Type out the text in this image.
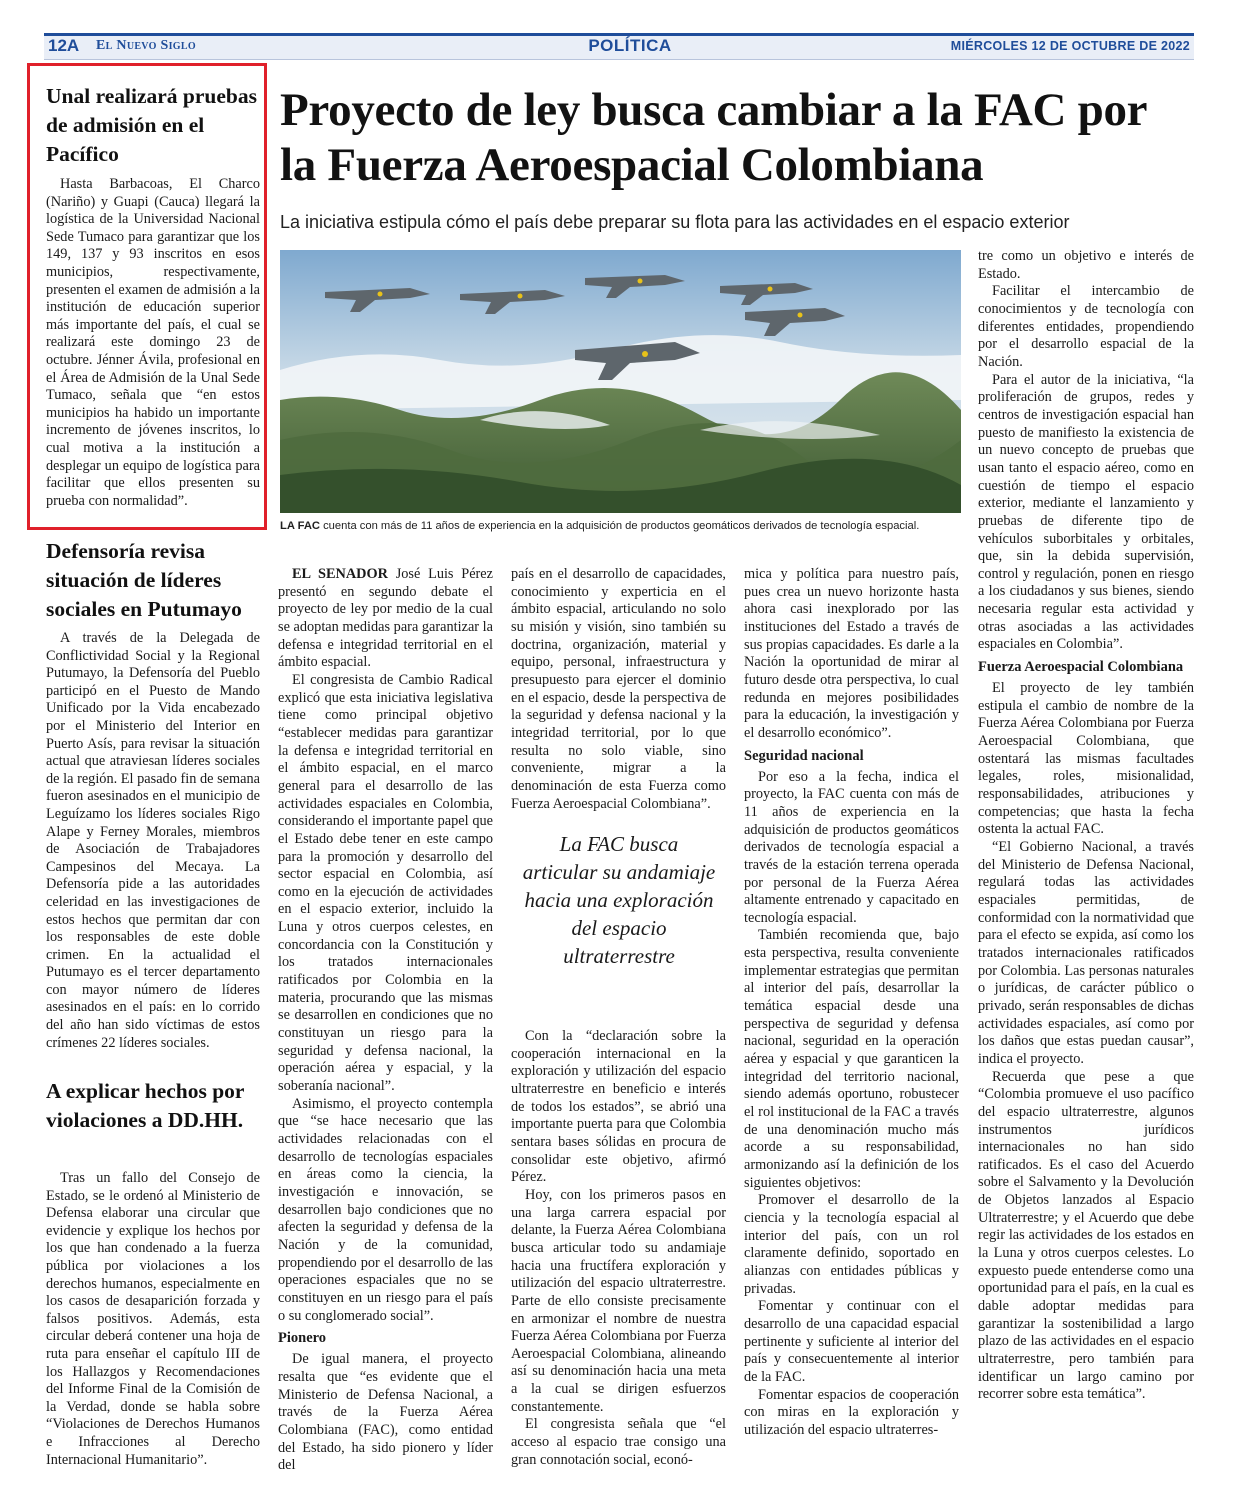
12A El Nuevo Siglo	POLÍTICA	MIÉRCOLES 12 DE OCTUBRE DE 2022
Unal realizará pruebas de admisión en el Pacífico

Hasta Barbacoas, El Charco (Nariño) y Guapi (Cauca) llegará la logística de la Universidad Nacional Sede Tumaco para garantizar que los 149, 137 y 93 inscritos en esos municipios, respectivamente, presenten el examen de admisión a la institución de educación superior más importante del país, el cual se realizará este domingo 23 de octubre. Jénner Ávila, profesional en el Área de Admisión de la Unal Sede Tumaco, señala que “en estos municipios ha habido un importante incremento de jóvenes inscritos, lo cual motiva a la institución a desplegar un equipo de logística para facilitar que ellos presenten su prueba con normalidad”.

Defensoría revisa situación de líderes sociales en Putumayo

A través de la Delegada de Conflictividad Social y la Regional Putumayo, la Defensoría del Pueblo participó en el Puesto de Mando Unificado por la Vida encabezado por el Ministerio del Interior en Puerto Asís, para revisar la situación actual que atraviesan líderes sociales de la región. El pasado fin de semana fueron asesinados en el municipio de Leguízamo los líderes sociales Rigo Alape y Ferney Morales, miembros de Asociación de Trabajadores Campesinos del Mecaya. La Defensoría pide a las autoridades celeridad en las investigaciones de estos hechos que permitan dar con los responsables de este doble crimen. En la actualidad el Putumayo es el tercer departamento con mayor número de líderes asesinados en el país: en lo corrido del año han sido víctimas de estos crímenes 22 líderes sociales.

A explicar hechos por violaciones a DD.HH.

Tras un fallo del Consejo de Estado, se le ordenó al Ministerio de Defensa elaborar una circular que evidencie y explique los hechos por los que han condenado a la fuerza pública por violaciones a los derechos humanos, especialmente en los casos de desaparición forzada y falsos positivos. Además, esta circular deberá contener una hoja de ruta para enseñar el capítulo III de los Hallazgos y Recomendaciones del Informe Final de la Comisión de la Verdad, donde se habla sobre “Violaciones de Derechos Humanos e Infracciones al Derecho Internacional Humanitario”.

Proyecto de ley busca cambiar a la FAC por la Fuerza Aeroespacial Colombiana
La iniciativa estipula cómo el país debe preparar su flota para las actividades en el espacio exterior
LA FAC cuenta con más de 11 años de experiencia en la adquisición de productos geomáticos derivados de tecnología espacial.

EL SENADOR José Luis Pérez presentó en segundo debate el proyecto de ley por medio de la cual se adoptan medidas para garantizar la defensa e integridad territorial en el ámbito espacial.

El congresista de Cambio Radical explicó que esta iniciativa legislativa tiene como principal objetivo “establecer medidas para garantizar la defensa e integridad territorial en el ámbito espacial, en el marco general para el desarrollo de las actividades espaciales en Colombia, considerando el importante papel que el Estado debe tener en este campo para la promoción y desarrollo del sector espacial en Colombia, así como en la ejecución de actividades en el espacio exterior, incluido la Luna y otros cuerpos celestes, en concordancia con la Constitución y los tratados internacionales ratificados por Colombia en la materia, procurando que las mismas se desarrollen en condiciones que no constituyan un riesgo para la seguridad y defensa nacional, la operación aérea y espacial, y la soberanía nacional”.

Asimismo, el proyecto contempla que “se hace necesario que las actividades relacionadas con el desarrollo de tecnologías espaciales en áreas como la ciencia, la investigación e innovación, se desarrollen bajo condiciones que no afecten la seguridad y defensa de la Nación y de la comunidad, propendiendo por el desarrollo de las operaciones espaciales que no se constituyen en un riesgo para el país o su conglomerado social”.

Pionero

De igual manera, el proyecto resalta que “es evidente que el Ministerio de Defensa Nacional, a través de la Fuerza Aérea Colombiana (FAC), como entidad del Estado, ha sido pionero y líder del

país en el desarrollo de capacidades, conocimiento y experticia en el ámbito espacial, articulando no solo su misión y visión, sino también su doctrina, organización, material y equipo, personal, infraestructura y presupuesto para ejercer el dominio en el espacio, desde la perspectiva de la seguridad y defensa nacional y la integridad territorial, por lo que resulta no solo viable, sino conveniente, migrar a la denominación de esta Fuerza como Fuerza Aeroespacial Colombiana”.

La FAC busca articular su andamiaje hacia una exploración del espacio ultraterrestre

Con la “declaración sobre la cooperación internacional en la exploración y utilización del espacio ultraterrestre en beneficio e interés de todos los estados”, se abrió una importante puerta para que Colombia sentara bases sólidas en procura de consolidar este objetivo, afirmó Pérez.

Hoy, con los primeros pasos en una larga carrera espacial por delante, la Fuerza Aérea Colombiana busca articular todo su andamiaje hacia una fructífera exploración y utilización del espacio ultraterrestre. Parte de ello consiste precisamente en armonizar el nombre de nuestra Fuerza Aérea Colombiana por Fuerza Aeroespacial Colombiana, alineando así su denominación hacia una meta a la cual se dirigen esfuerzos constantemente.

El congresista señala que “el acceso al espacio trae consigo una gran connotación social, econó-

mica y política para nuestro país, pues crea un nuevo horizonte hasta ahora casi inexplorado por las instituciones del Estado a través de sus propias capacidades. Es darle a la Nación la oportunidad de mirar al futuro desde otra perspectiva, lo cual redunda en mejores posibilidades para la educación, la investigación y el desarrollo económico”.

Seguridad nacional

Por eso a la fecha, indica el proyecto, la FAC cuenta con más de 11 años de experiencia en la adquisición de productos geomáticos derivados de tecnología espacial a través de la estación terrena operada por personal de la Fuerza Aérea altamente entrenado y capacitado en tecnología espacial.

También recomienda que, bajo esta perspectiva, resulta conveniente implementar estrategias que permitan al interior del país, desarrollar la temática espacial desde una perspectiva de seguridad y defensa nacional, seguridad en la operación aérea y espacial y que garanticen la integridad del territorio nacional, siendo además oportuno, robustecer el rol institucional de la FAC a través de una denominación mucho más acorde a su responsabilidad, armonizando así la definición de los siguientes objetivos:

Promover el desarrollo de la ciencia y la tecnología espacial al interior del país, con un rol claramente definido, soportado en alianzas con entidades públicas y privadas.

Fomentar y continuar con el desarrollo de una capacidad espacial pertinente y suficiente al interior del país y consecuentemente al interior de la FAC.

Fomentar espacios de cooperación con miras en la exploración y utilización del espacio ultraterres-

tre como un objetivo e interés de Estado.

Facilitar el intercambio de conocimientos y de tecnología con diferentes entidades, propendiendo por el desarrollo espacial de la Nación.

Para el autor de la iniciativa, “la proliferación de grupos, redes y centros de investigación espacial han puesto de manifiesto la existencia de un nuevo concepto de pruebas que usan tanto el espacio aéreo, como en cuestión de tiempo el espacio exterior, mediante el lanzamiento y pruebas de diferente tipo de vehículos suborbitales y orbitales, que, sin la debida supervisión, control y regulación, ponen en riesgo a los ciudadanos y sus bienes, siendo necesaria regular esta actividad y otras asociadas a las actividades espaciales en Colombia”.

Fuerza Aeroespacial Colombiana

El proyecto de ley también estipula el cambio de nombre de la Fuerza Aérea Colombiana por Fuerza Aeroespacial Colombiana, que ostentará las mismas facultades legales, roles, misionalidad, responsabilidades, atribuciones y competencias; que hasta la fecha ostenta la actual FAC.

“El Gobierno Nacional, a través del Ministerio de Defensa Nacional, regulará todas las actividades espaciales permitidas, de conformidad con la normatividad que para el efecto se expida, así como los tratados internacionales ratificados por Colombia. Las personas naturales o jurídicas, de carácter público o privado, serán responsables de dichas actividades espaciales, así como por los daños que estas puedan causar”, indica el proyecto.

Recuerda que pese a que “Colombia promueve el uso pacífico del espacio ultraterrestre, algunos instrumentos jurídicos internacionales no han sido ratificados. Es el caso del Acuerdo sobre el Salvamento y la Devolución de Objetos lanzados al Espacio Ultraterrestre; y el Acuerdo que debe regir las actividades de los estados en la Luna y otros cuerpos celestes. Lo expuesto puede entenderse como una oportunidad para el país, en la cual es dable adoptar medidas para garantizar la sostenibilidad a largo plazo de las actividades en el espacio ultraterrestre, pero también para identificar un largo camino por recorrer sobre esta temática”.
